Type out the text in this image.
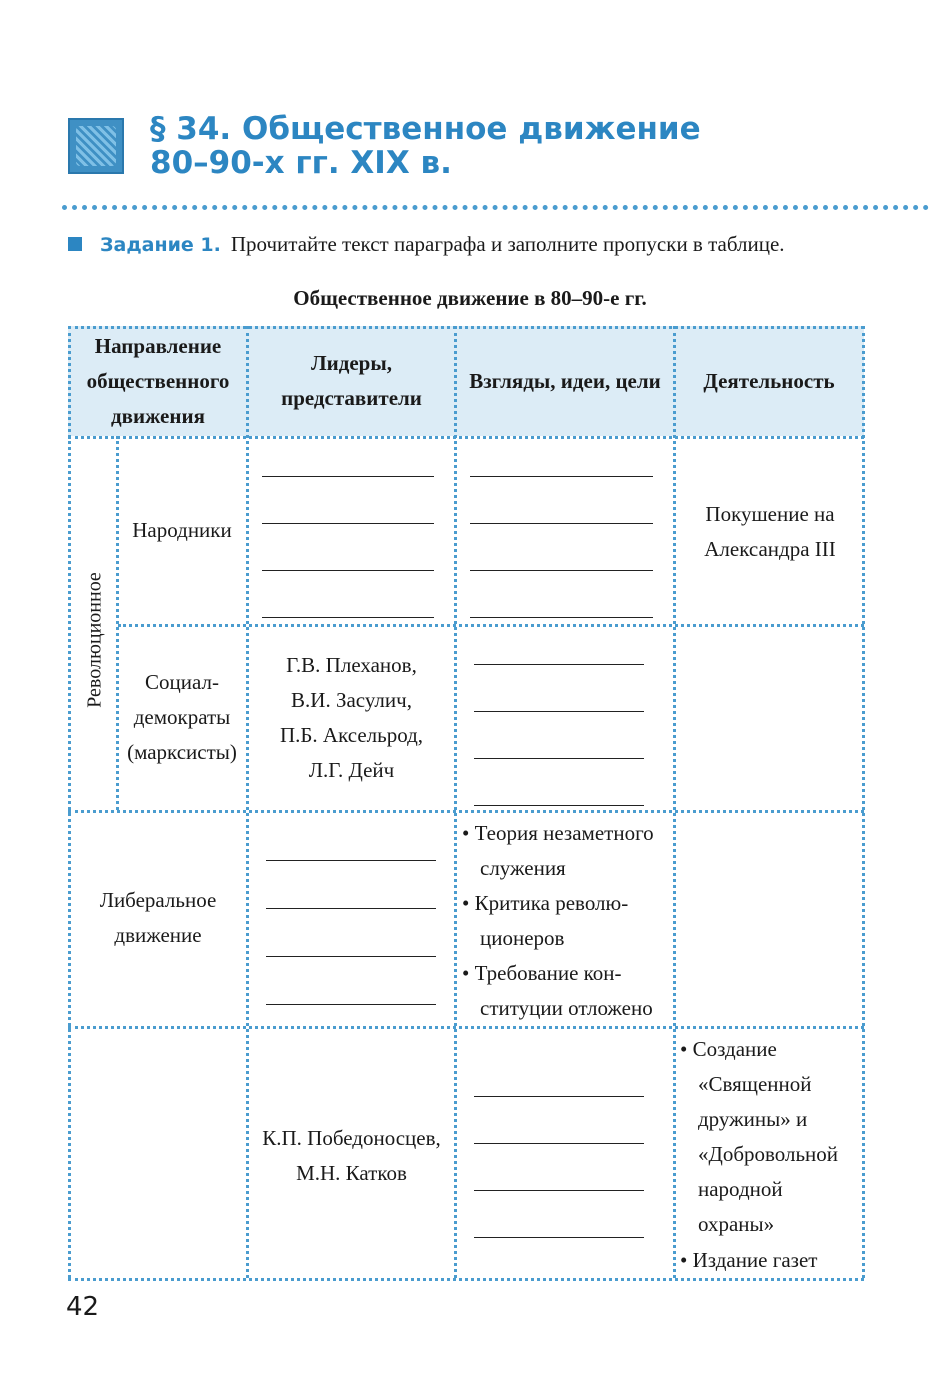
§ 34. Общественное движение
80–90-х гг. XIX в.
Задание 1. Прочитайте текст параграфа и заполните пропуски в таблице.
Общественное движение в 80–90-е гг.
Направление общественного движения
Лидеры, представители
Взгляды, идеи, цели	Деятельность
Революционное
Народники
Покушение на Александра III
Социал-
демократы
(марксисты)
Г.В. Плеханов,
В.И. Засулич,
П.Б. Аксельрод,
Л.Г. Дейч
Либеральное
движение
• Теория незаметного
служения
• Критика револю-
ционеров
• Требование кон-
ституции отложено
К.П. Победоносцев,
М.Н. Катков
• Создание
«Священной
дружины» и
«Добровольной
народной
охраны»
• Издание газет
42
